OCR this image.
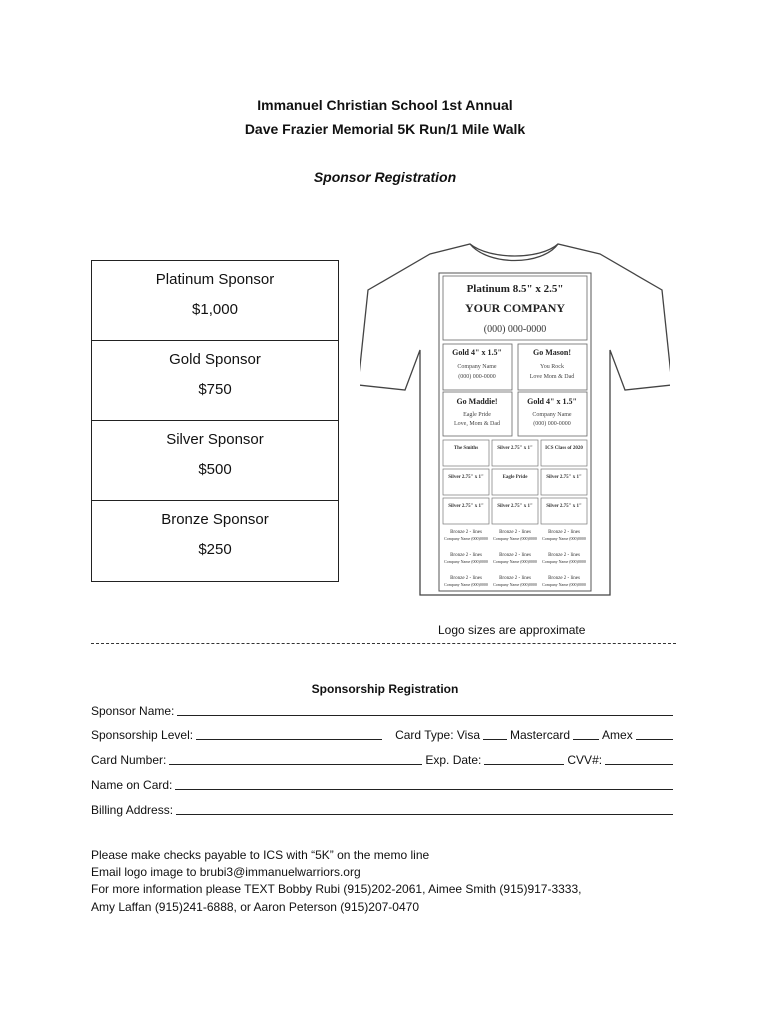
Immanuel Christian School 1st Annual
Dave Frazier Memorial 5K Run/1 Mile Walk
Sponsor Registration
Platinum Sponsor
$1,000
Gold Sponsor
$750
Silver Sponsor
$500
Bronze Sponsor
$250
Platinum 8.5" x 2.5"
YOUR COMPANY
(000) 000-0000
Gold 4" x 1.5"
Company Name
(000) 000-0000
Go Mason!
You Rock
Love Mom & Dad
Go Maddie!
Eagle Pride
Love, Mom & Dad
Gold 4" x 1.5"
Company Name
(000) 000-0000
The Smiths	Silver 2.75" x 1" ICS Class of 2020
Silver 2.75" x 1"	Eagle Pride	Silver 2.75" x 1"
Silver 2.75" x 1"	Silver 2.75" x 1"	Silver 2.75" x 1"
Bronze 2 - lines
Company Name (000)0000
Bronze 2 - lines
Company Name (000)0000
Bronze 2 - lines
Company Name (000)0000
Bronze 2 - lines
Company Name (000)0000
Bronze 2 - lines
Company Name (000)0000
Bronze 2 - lines
Company Name (000)0000
Bronze 2 - lines
Company Name (000)0000
Bronze 2 - lines
Company Name (000)0000
Bronze 2 - lines
Company Name (000)0000
Logo sizes are approximate
Sponsorship Registration
Sponsor Name:
Sponsorship Level:	Card Type: Visa	Mastercard	Amex
Card Number:	Exp. Date:	CVV#:
Name on Card:
Billing Address:
Please make checks payable to ICS with “5K” on the memo line
Email logo image to brubi3@immanuelwarriors.org
For more information please TEXT Bobby Rubi (915)202-2061, Aimee Smith (915)917-3333,
Amy Laffan (915)241-6888, or Aaron Peterson (915)207-0470
